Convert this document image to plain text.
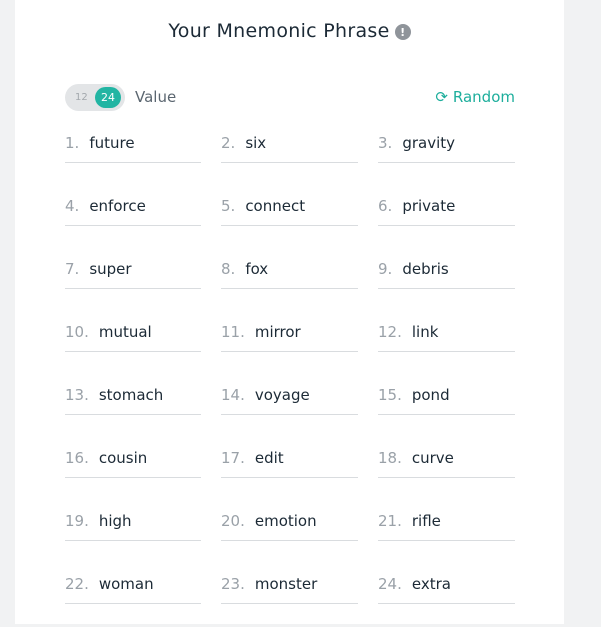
Your Mnemonic Phrase !
12	24	Value	⟳ Random
1. future	2. six	3. gravity
4. enforce	5. connect	6. private
7. super	8. fox	9. debris
10. mutual	11. mirror	12. link
13. stomach	14. voyage	15. pond
16. cousin	17. edit	18. curve
19. high	20. emotion	21. rifle
22. woman	23. monster	24. extra
